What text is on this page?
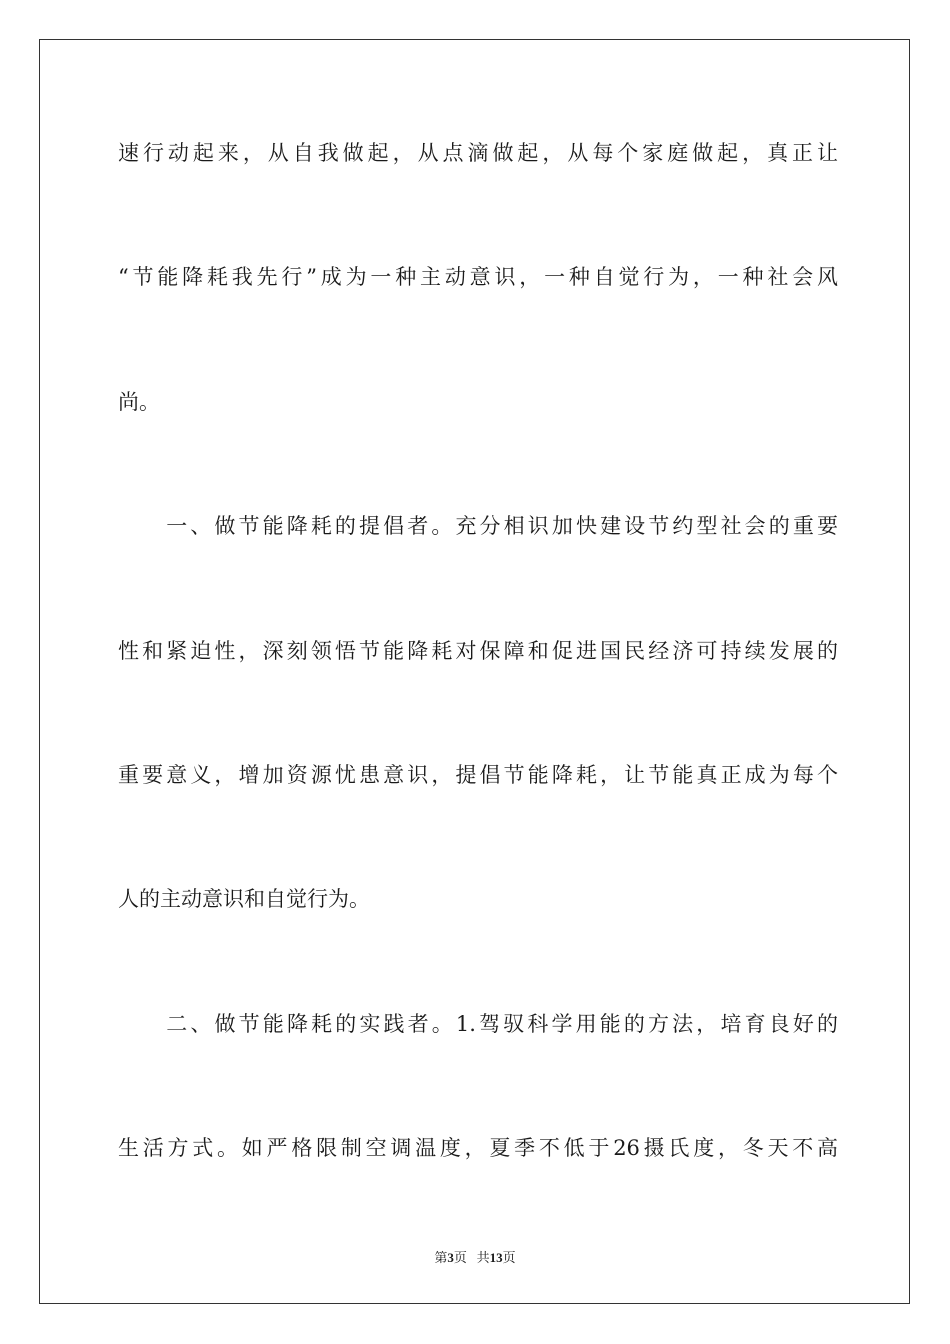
速行动起来，从自我做起，从点滴做起，从每个家庭做起，真正让
“节能降耗我先行”成为一种主动意识，一种自觉行为，一种社会风
尚。
　　一、做节能降耗的提倡者。充分相识加快建设节约型社会的重要
性和紧迫性，深刻领悟节能降耗对保障和促进国民经济可持续发展的
重要意义，增加资源忧患意识，提倡节能降耗，让节能真正成为每个
人的主动意识和自觉行为。
　　二、做节能降耗的实践者。1.驾驭科学用能的方法，培育良好的
生活方式。如严格限制空调温度，夏季不低于26摄氏度，冬天不高
第3页 共13页
